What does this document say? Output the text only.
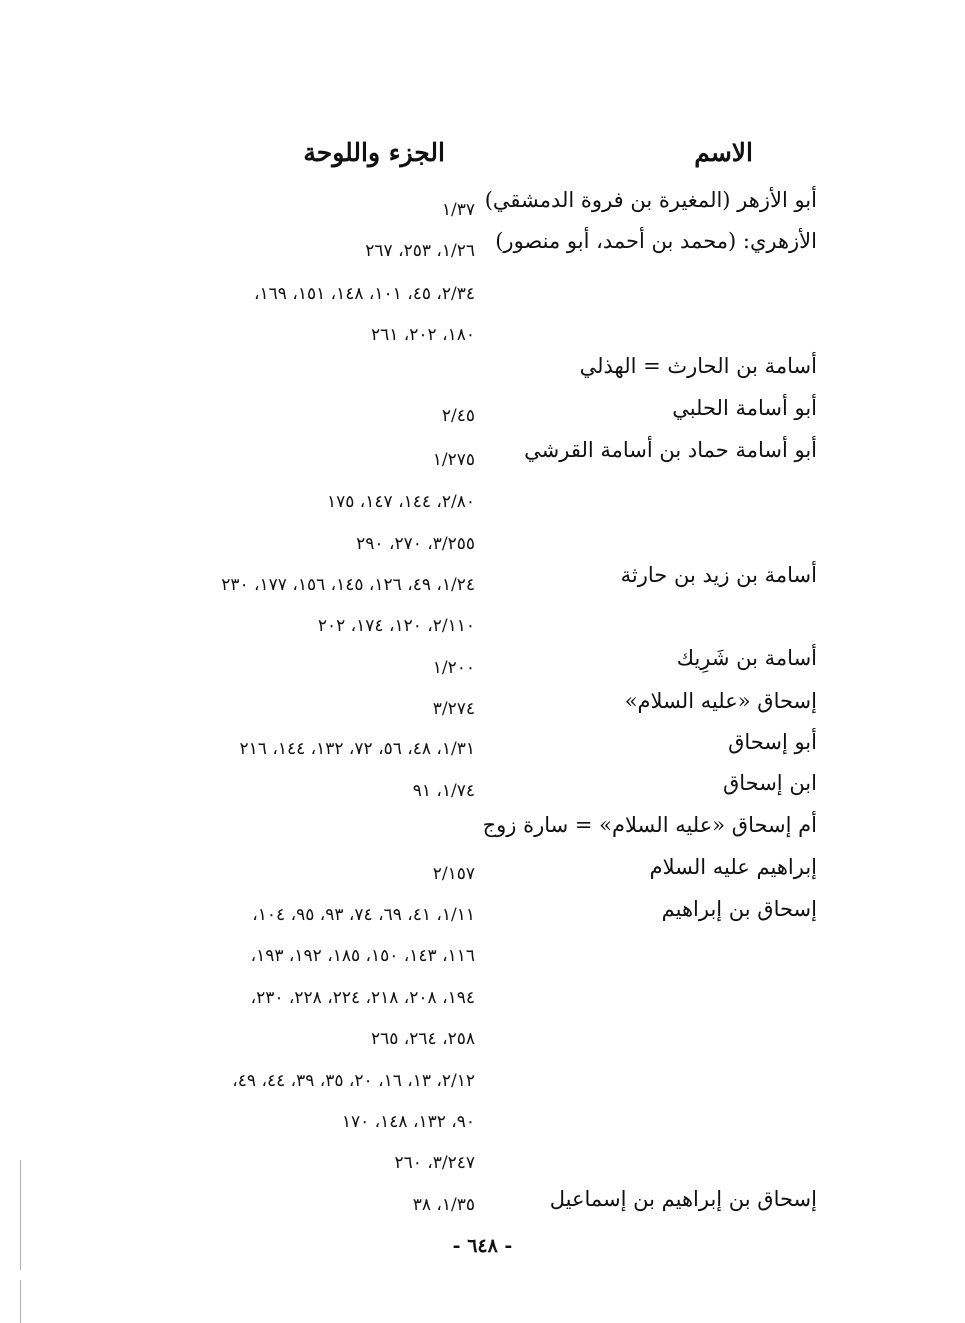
الاسم
الجزء واللوحة
أبو الأزهر (المغيرة بن فروة الدمشقي)
الأزهري: (محمد بن أحمد، أبو منصور)
أسامة بن الحارث = الهذلي
أبو أسامة الحلبي
أبو أسامة حماد بن أسامة القرشي
أسامة بن زيد بن حارثة
أسامة بن شَرِيك
إسحاق «عليه السلام»
أبو إسحاق
ابن إسحاق
أم إسحاق «عليه السلام» = سارة زوج
إبراهيم عليه السلام
إسحاق بن إبراهيم
إسحاق بن إبراهيم بن إسماعيل
١/٣٧
١/٢٦، ٢٥٣، ٢٦٧
٢/٣٤، ٤٥، ١٠١، ١٤٨، ١٥١، ١٦٩،
١٨٠، ٢٠٢، ٢٦١
٢/٤٥
١/٢٧٥
٢/٨٠، ١٤٤، ١٤٧، ١٧٥
٣/٢٥٥، ٢٧٠، ٢٩٠
١/٢٤، ٤٩، ١٢٦، ١٤٥، ١٥٦، ١٧٧، ٢٣٠
٢/١١٠، ١٢٠، ١٧٤، ٢٠٢
١/٢٠٠
٣/٢٧٤
١/٣١، ٤٨، ٥٦، ٧٢، ١٣٢، ١٤٤، ٢١٦
١/٧٤، ٩١
٢/١٥٧
١/١١، ٤١، ٦٩، ٧٤، ٩٣، ٩٥، ١٠٤،
١١٦، ١٤٣، ١٥٠، ١٨٥، ١٩٢، ١٩٣،
١٩٤، ٢٠٨، ٢١٨، ٢٢٤، ٢٢٨، ٢٣٠،
٢٥٨، ٢٦٤، ٢٦٥
٢/١٢، ١٣، ١٦، ٢٠، ٣٥، ٣٩، ٤٤، ٤٩،
٩٠، ١٣٢، ١٤٨، ١٧٠
٣/٢٤٧، ٢٦٠
١/٣٥، ٣٨
- ٦٤٨ -
